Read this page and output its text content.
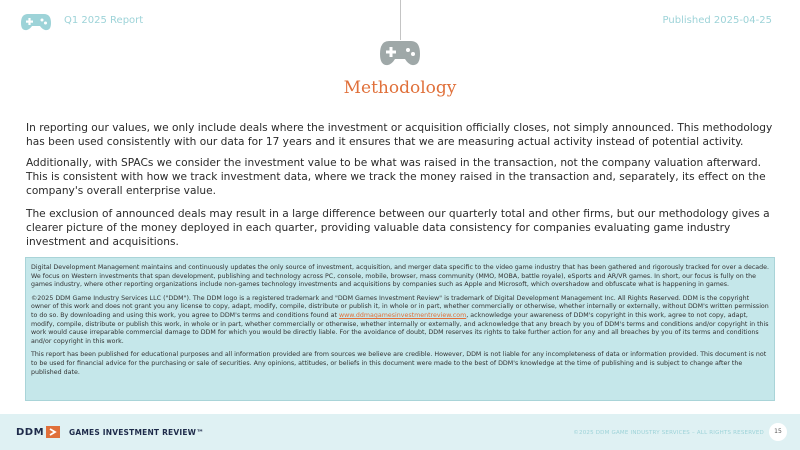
Q1 2025 Report	Published 2025-04-25
Methodology

In reporting our values, we only include deals where the investment or acquisition officially closes, not simply announced. This methodology has been used consistently with our data for 17 years and it ensures that we are measuring actual activity instead of potential activity.

Additionally, with SPACs we consider the investment value to be what was raised in the transaction, not the company valuation afterward. This is consistent with how we track investment data, where we track the money raised in the transaction and, separately, its effect on the company's overall enterprise value.

The exclusion of announced deals may result in a large difference between our quarterly total and other firms, but our methodology gives a clearer picture of the money deployed in each quarter, providing valuable data consistency for companies evaluating game industry investment and acquisitions.

Digital Development Management maintains and continuously updates the only source of investment, acquisition, and merger data specific to the video game industry that has been gathered and rigorously tracked for over a decade. We focus on Western investments that span development, publishing and technology across PC, console, mobile, browser, mass community (MMO, MOBA, battle royale), eSports and AR/VR games. In short, our focus is fully on the games industry, where other reporting organizations include non-games technology investments and acquisitions by companies such as Apple and Microsoft, which overshadow and obfuscate what is happening in games.

©2025 DDM Game Industry Services LLC ("DDM"). The DDM logo is a registered trademark and "DDM Games Investment Review" is trademark of Digital Development Management Inc. All Rights Reserved. DDM is the copyright owner of this work and does not grant you any license to copy, adapt, modify, compile, distribute or publish it, in whole or in part, whether commercially or otherwise, whether internally or externally, without DDM's written permission to do so. By downloading and using this work, you agree to DDM's terms and conditions found at www.ddmagamesinvestmentreview.com, acknowledge your awareness of DDM's copyright in this work, agree to not copy, adapt, modify, compile, distribute or publish this work, in whole or in part, whether commercially or otherwise, whether internally or externally, and acknowledge that any breach by you of DDM's terms and conditions and/or copyright in this work would cause irreparable commercial damage to DDM for which you would be directly liable. For the avoidance of doubt, DDM reserves its rights to take further action for any and all breaches by you of its terms and conditions and/or copyright in this work.

This report has been published for educational purposes and all information provided are from sources we believe are credible. However, DDM is not liable for any incompleteness of data or information provided. This document is not to be used for financial advice for the purchasing or sale of securities. Any opinions, attitudes, or beliefs in this document were made to the best of DDM's knowledge at the time of publishing and is subject to change after the published date.

DDM	GAMES INVESTMENT REVIEW™	©2025 DDM GAME INDUSTRY SERVICES – ALL RIGHTS RESERVED	15
